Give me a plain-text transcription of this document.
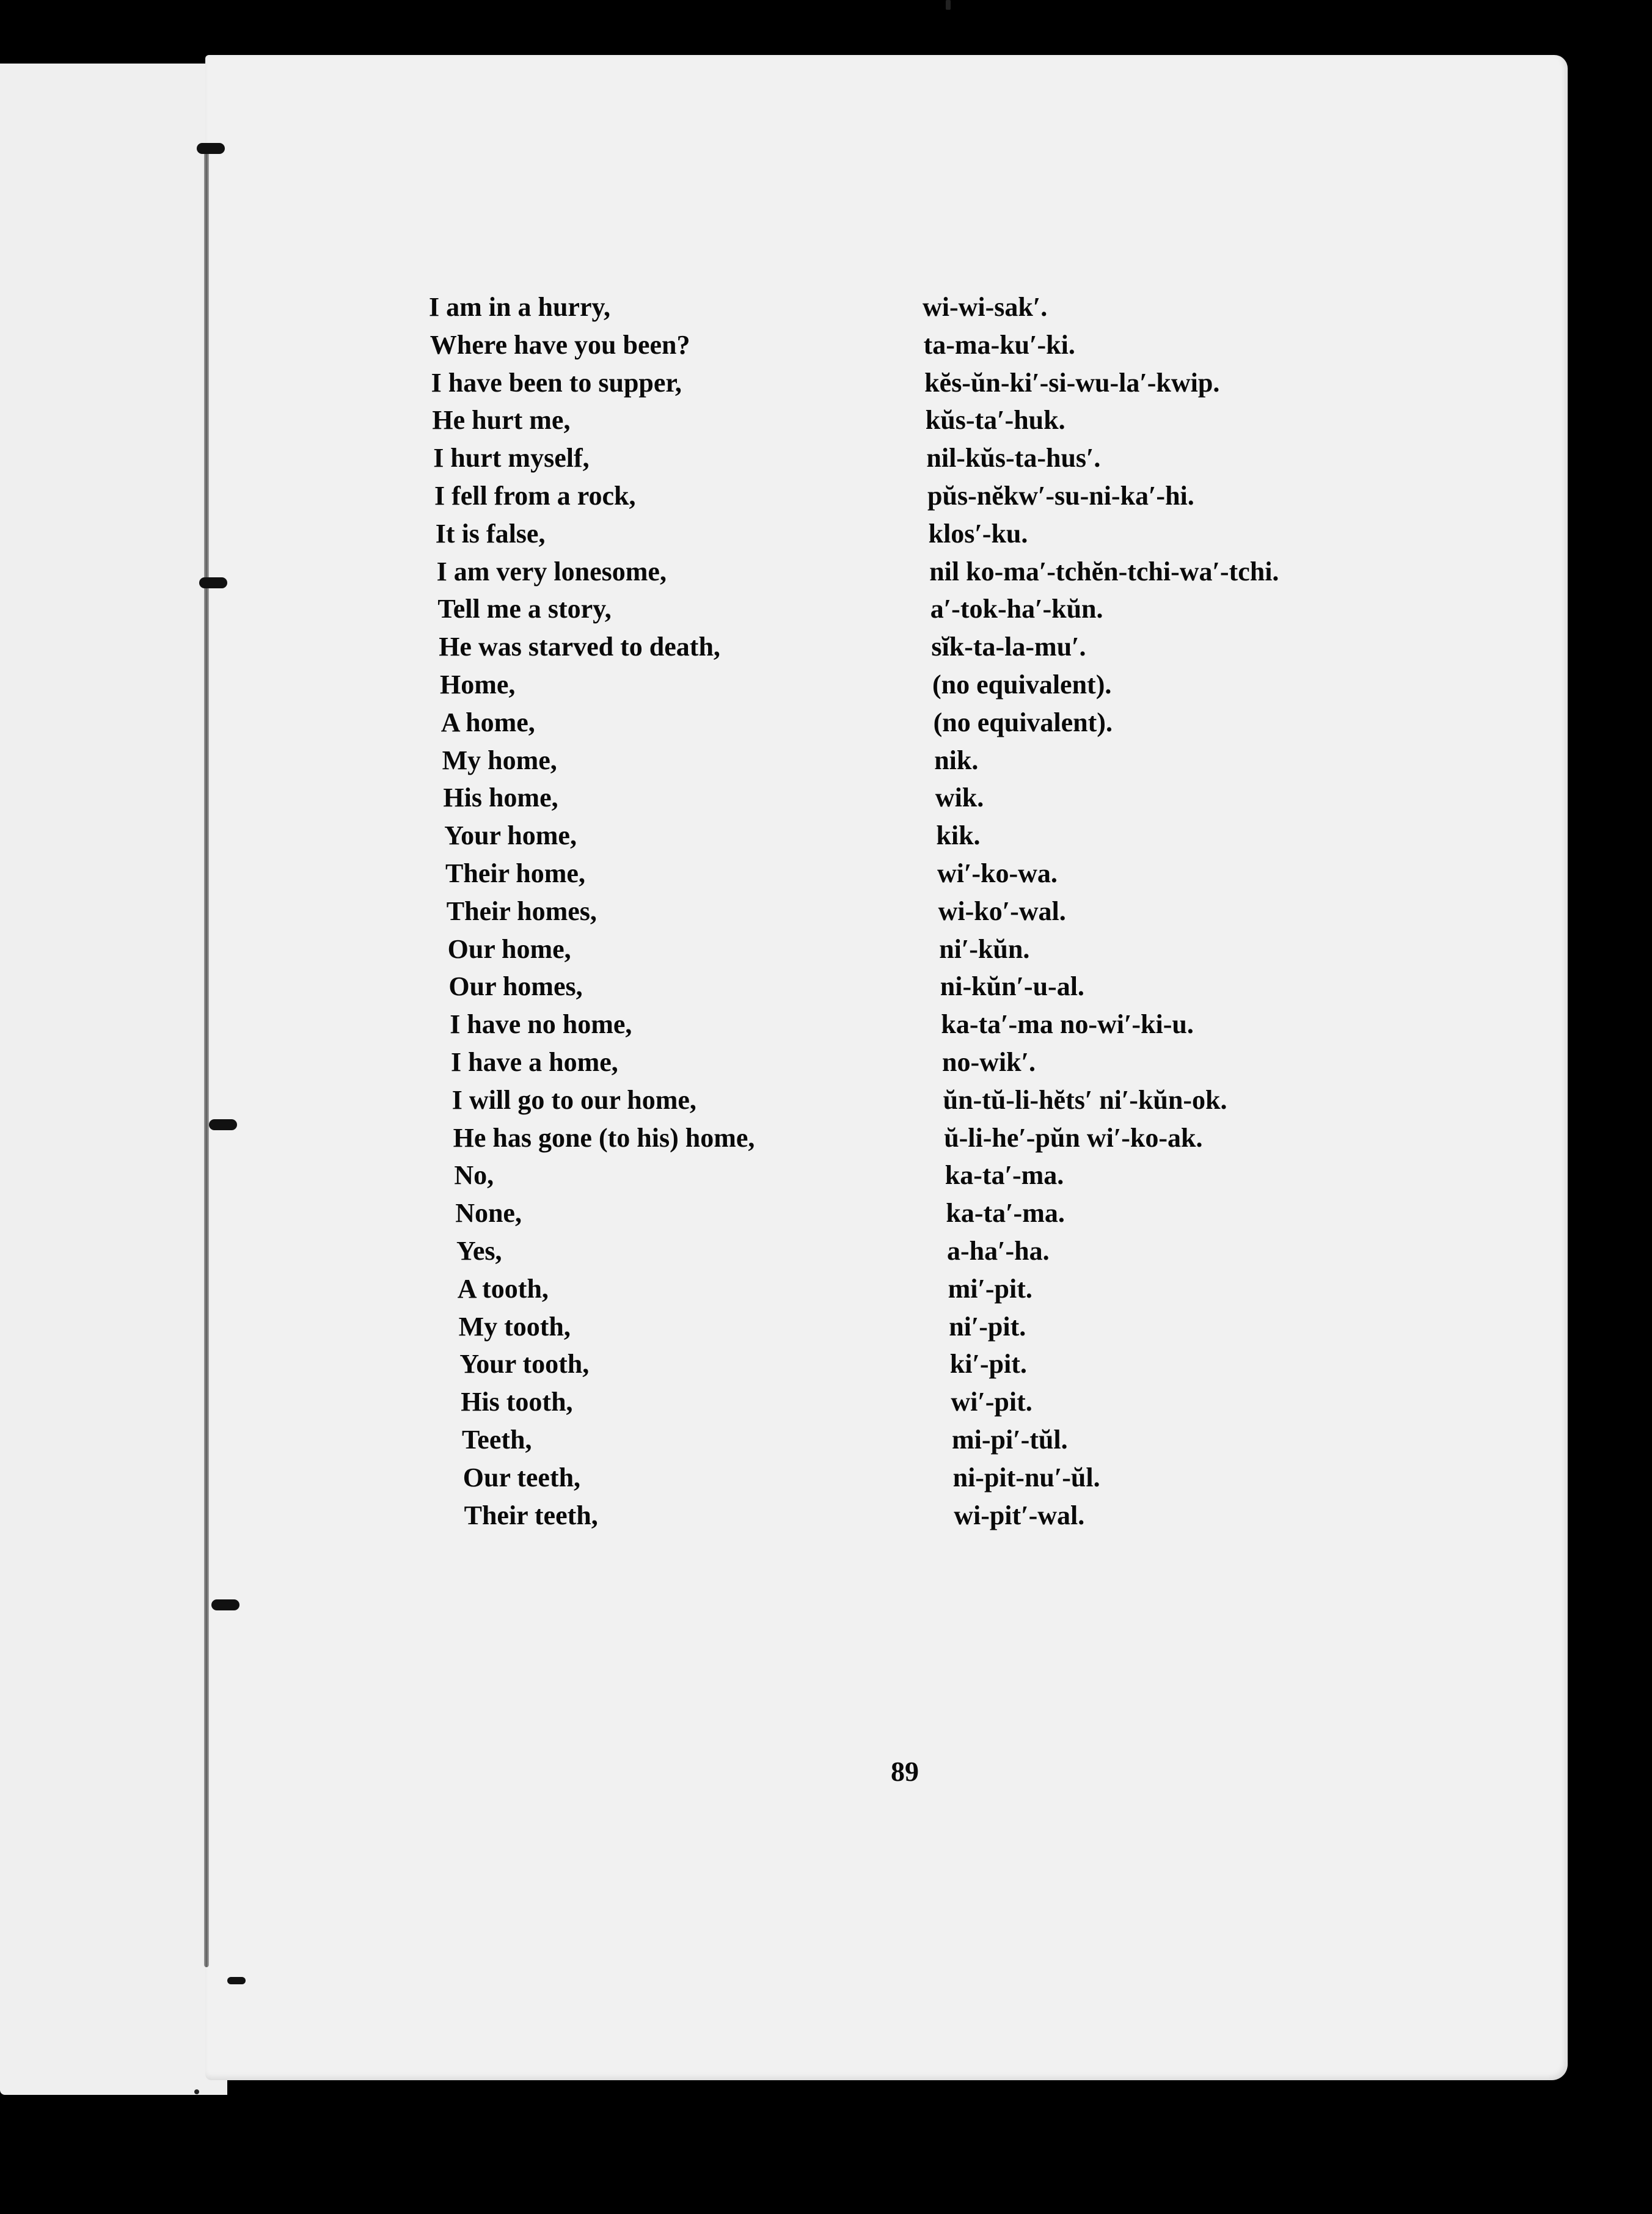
I am in a hurry,
Where have you been?
I have been to supper,
He hurt me,
I hurt myself,
I fell from a rock,
It is false,
I am very lonesome,
Tell me a story,
He was starved to death,
Home,
A home,
My home,
His home,
Your home,
Their home,
Their homes,
Our home,
Our homes,
I have no home,
I have a home,
I will go to our home,
He has gone (to his) home,
No,
None,
Yes,
A tooth,
My tooth,
Your tooth,
His tooth,
Teeth,
Our teeth,
Their teeth,
wi-wi-sak′.
ta-ma-ku′-ki.
kĕs-ŭn-ki′-si-wu-la′-kwip.
kŭs-ta′-huk.
nil-kŭs-ta-hus′.
pŭs-nĕkw′-su-ni-ka′-hi.
klos′-ku.
nil ko-ma′-tchĕn-tchi-wa′-tchi.
a′-tok-ha′-kŭn.
sĭk-ta-la-mu′.
(no equivalent).
(no equivalent).
nik.
wik.
kik.
wi′-ko-wa.
wi-ko′-wal.
ni′-kŭn.
ni-kŭn′-u-al.
ka-ta′-ma no-wi′-ki-u.
no-wik′.
ŭn-tŭ-li-hĕts′ ni′-kŭn-ok.
ŭ-li-he′-pŭn wi′-ko-ak.
ka-ta′-ma.
ka-ta′-ma.
a-ha′-ha.
mi′-pit.
ni′-pit.
ki′-pit.
wi′-pit.
mi-pi′-tŭl.
ni-pit-nu′-ŭl.
wi-pit′-wal.
89
